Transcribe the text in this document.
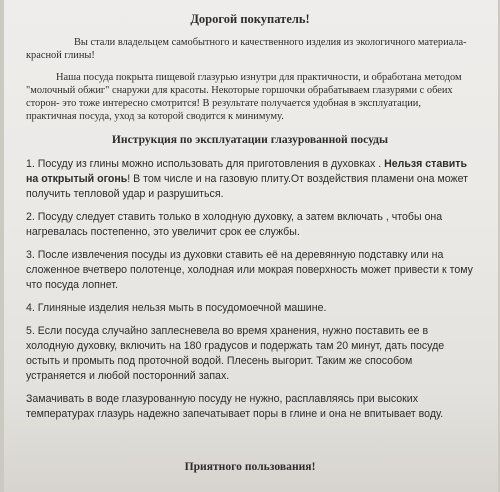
Дорогой покупатель!

Вы стали владельцем самобытного и качественного изделия из экологичного материала- красной глины!

Наша посуда покрыта пищевой глазурью изнутри для практичности, и обработана методом "молочный обжиг" снаружи для красоты. Некоторые горшочки обрабатываем глазурями с обеих сторон- это тоже интересно смотрится! В результате получается удобная в эксплуатации, практичная посуда, уход за которой сводится к минимуму.

Инструкция по эксплуатации глазурованной посуды
1. Посуду из глины можно использовать для приготовления в духовках . Нельзя ставить на открытый огонь! В том числе и на газовую плиту.От воздействия пламени она может получить тепловой удар и разрушиться.
2. Посуду следует ставить только в холодную духовку, а затем включать , чтобы она нагревалась постепенно, это увеличит срок ее службы.
3. После извлечения посуды из духовки ставить её на деревянную подставку или на сложенное вчетверо полотенце, холодная или мокрая поверхность может привести к тому что посуда лопнет.
4. Глиняные изделия нельзя мыть в посудомоечной машине.
5. Если посуда случайно заплесневела во время хранения, нужно поставить ее в холодную духовку, включить на 180 градусов и подержать там 20 минут, дать посуде остыть и промыть под проточной водой. Плесень выгорит. Таким же способом устраняется и любой посторонний запах.
Замачивать в воде глазурованную посуду не нужно, расплавляясь при высоких температурах глазурь надежно запечатывает поры в глине и она не впитывает воду.
Приятного пользования!
